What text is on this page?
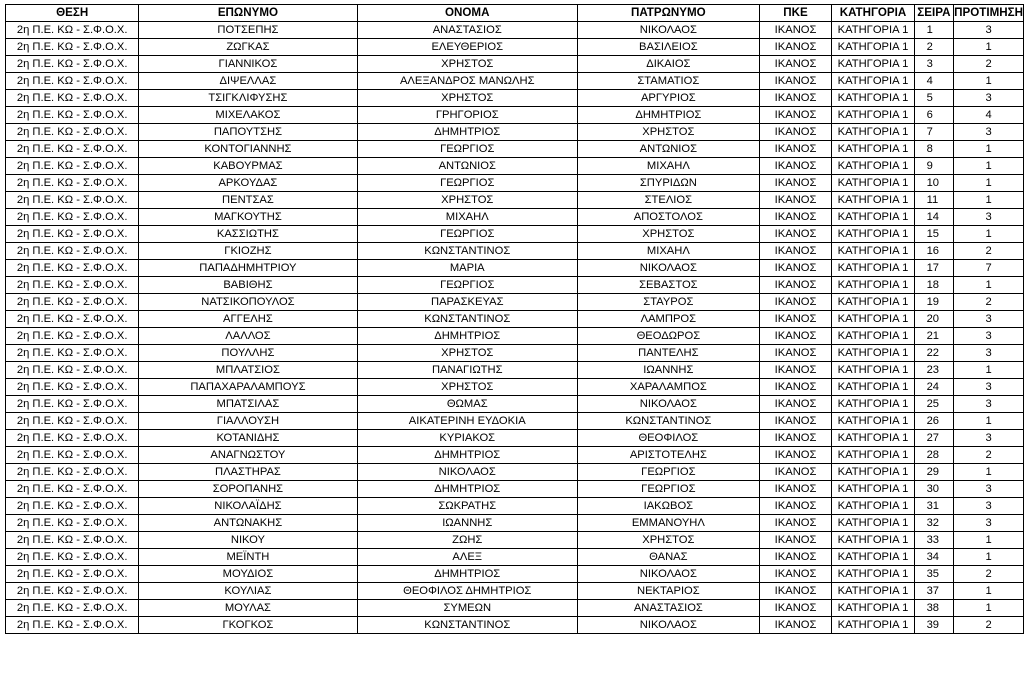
ΘΕΣΗ	ΕΠΩΝΥΜΟ	ΟΝΟΜΑ	ΠΑΤΡΩΝΥΜΟ	ΠΚΕ	ΚΑΤΗΓΟΡΙΑ	ΣΕΙΡΑ	ΠΡΟΤΙΜΗΣΗ
2η Π.Ε. ΚΩ - Σ.Φ.Ο.Χ.	ΠΟΤΣΕΠΗΣ	ΑΝΑΣΤΑΣΙΟΣ	ΝΙΚΟΛΑΟΣ	ΙΚΑΝΟΣ	ΚΑΤΗΓΟΡΙΑ 1	1	3
2η Π.Ε. ΚΩ - Σ.Φ.Ο.Χ.	ΖΩΓΚΑΣ	ΕΛΕΥΘΕΡΙΟΣ	ΒΑΣΙΛΕΙΟΣ	ΙΚΑΝΟΣ	ΚΑΤΗΓΟΡΙΑ 1	2	1
2η Π.Ε. ΚΩ - Σ.Φ.Ο.Χ.	ΓΙΑΝΝΙΚΟΣ	ΧΡΗΣΤΟΣ	ΔΙΚΑΙΟΣ	ΙΚΑΝΟΣ	ΚΑΤΗΓΟΡΙΑ 1	3	2
2η Π.Ε. ΚΩ - Σ.Φ.Ο.Χ.	ΔΙΨΕΛΛΑΣ	ΑΛΕΞΑΝΔΡΟΣ ΜΑΝΩΛΗΣ	ΣΤΑΜΑΤΙΟΣ	ΙΚΑΝΟΣ	ΚΑΤΗΓΟΡΙΑ 1	4	1
2η Π.Ε. ΚΩ - Σ.Φ.Ο.Χ.	ΤΣΙΓΚΛΙΦΥΣΗΣ	ΧΡΗΣΤΟΣ	ΑΡΓΥΡΙΟΣ	ΙΚΑΝΟΣ	ΚΑΤΗΓΟΡΙΑ 1	5	3
2η Π.Ε. ΚΩ - Σ.Φ.Ο.Χ.	ΜΙΧΕΛΑΚΟΣ	ΓΡΗΓΟΡΙΟΣ	ΔΗΜΗΤΡΙΟΣ	ΙΚΑΝΟΣ	ΚΑΤΗΓΟΡΙΑ 1	6	4
2η Π.Ε. ΚΩ - Σ.Φ.Ο.Χ.	ΠΑΠΟΥΤΣΗΣ	ΔΗΜΗΤΡΙΟΣ	ΧΡΗΣΤΟΣ	ΙΚΑΝΟΣ	ΚΑΤΗΓΟΡΙΑ 1	7	3
2η Π.Ε. ΚΩ - Σ.Φ.Ο.Χ.	ΚΟΝΤΟΓΙΑΝΝΗΣ	ΓΕΩΡΓΙΟΣ	ΑΝΤΩΝΙΟΣ	ΙΚΑΝΟΣ	ΚΑΤΗΓΟΡΙΑ 1	8	1
2η Π.Ε. ΚΩ - Σ.Φ.Ο.Χ.	ΚΑΒΟΥΡΜΑΣ	ΑΝΤΩΝΙΟΣ	ΜΙΧΑΗΛ	ΙΚΑΝΟΣ	ΚΑΤΗΓΟΡΙΑ 1	9	1
2η Π.Ε. ΚΩ - Σ.Φ.Ο.Χ.	ΑΡΚΟΥΔΑΣ	ΓΕΩΡΓΙΟΣ	ΣΠΥΡΙΔΩΝ	ΙΚΑΝΟΣ	ΚΑΤΗΓΟΡΙΑ 1	10	1
2η Π.Ε. ΚΩ - Σ.Φ.Ο.Χ.	ΠΕΝΤΣΑΣ	ΧΡΗΣΤΟΣ	ΣΤΕΛΙΟΣ	ΙΚΑΝΟΣ	ΚΑΤΗΓΟΡΙΑ 1	11	1
2η Π.Ε. ΚΩ - Σ.Φ.Ο.Χ.	ΜΑΓΚΟΥΤΗΣ	ΜΙΧΑΗΛ	ΑΠΟΣΤΟΛΟΣ	ΙΚΑΝΟΣ	ΚΑΤΗΓΟΡΙΑ 1	14	3
2η Π.Ε. ΚΩ - Σ.Φ.Ο.Χ.	ΚΑΣΣΙΩΤΗΣ	ΓΕΩΡΓΙΟΣ	ΧΡΗΣΤΟΣ	ΙΚΑΝΟΣ	ΚΑΤΗΓΟΡΙΑ 1	15	1
2η Π.Ε. ΚΩ - Σ.Φ.Ο.Χ.	ΓΚΙΟΖΗΣ	ΚΩΝΣΤΑΝΤΙΝΟΣ	ΜΙΧΑΗΛ	ΙΚΑΝΟΣ	ΚΑΤΗΓΟΡΙΑ 1	16	2
2η Π.Ε. ΚΩ - Σ.Φ.Ο.Χ.	ΠΑΠΑΔΗΜΗΤΡΙΟΥ	ΜΑΡΙΑ	ΝΙΚΟΛΑΟΣ	ΙΚΑΝΟΣ	ΚΑΤΗΓΟΡΙΑ 1	17	7
2η Π.Ε. ΚΩ - Σ.Φ.Ο.Χ.	ΒΑΒΙΘΗΣ	ΓΕΩΡΓΙΟΣ	ΣΕΒΑΣΤΟΣ	ΙΚΑΝΟΣ	ΚΑΤΗΓΟΡΙΑ 1	18	1
2η Π.Ε. ΚΩ - Σ.Φ.Ο.Χ.	ΝΑΤΣΙΚΟΠΟΥΛΟΣ	ΠΑΡΑΣΚΕΥΑΣ	ΣΤΑΥΡΟΣ	ΙΚΑΝΟΣ	ΚΑΤΗΓΟΡΙΑ 1	19	2
2η Π.Ε. ΚΩ - Σ.Φ.Ο.Χ.	ΑΓΓΕΛΗΣ	ΚΩΝΣΤΑΝΤΙΝΟΣ	ΛΑΜΠΡΟΣ	ΙΚΑΝΟΣ	ΚΑΤΗΓΟΡΙΑ 1	20	3
2η Π.Ε. ΚΩ - Σ.Φ.Ο.Χ.	ΛΑΛΛΟΣ	ΔΗΜΗΤΡΙΟΣ	ΘΕΟΔΩΡΟΣ	ΙΚΑΝΟΣ	ΚΑΤΗΓΟΡΙΑ 1	21	3
2η Π.Ε. ΚΩ - Σ.Φ.Ο.Χ.	ΠΟΥΛΛΗΣ	ΧΡΗΣΤΟΣ	ΠΑΝΤΕΛΗΣ	ΙΚΑΝΟΣ	ΚΑΤΗΓΟΡΙΑ 1	22	3
2η Π.Ε. ΚΩ - Σ.Φ.Ο.Χ.	ΜΠΛΑΤΣΙΟΣ	ΠΑΝΑΓΙΩΤΗΣ	ΙΩΑΝΝΗΣ	ΙΚΑΝΟΣ	ΚΑΤΗΓΟΡΙΑ 1	23	1
2η Π.Ε. ΚΩ - Σ.Φ.Ο.Χ.	ΠΑΠΑΧΑΡΑΛΑΜΠΟΥΣ	ΧΡΗΣΤΟΣ	ΧΑΡΑΛΑΜΠΟΣ	ΙΚΑΝΟΣ	ΚΑΤΗΓΟΡΙΑ 1	24	3
2η Π.Ε. ΚΩ - Σ.Φ.Ο.Χ.	ΜΠΑΤΣΙΛΑΣ	ΘΩΜΑΣ	ΝΙΚΟΛΑΟΣ	ΙΚΑΝΟΣ	ΚΑΤΗΓΟΡΙΑ 1	25	3
2η Π.Ε. ΚΩ - Σ.Φ.Ο.Χ.	ΓΙΑΛΛΟΥΣΗ	ΑΙΚΑΤΕΡΙΝΗ ΕΥΔΟΚΙΑ	ΚΩΝΣΤΑΝΤΙΝΟΣ	ΙΚΑΝΟΣ	ΚΑΤΗΓΟΡΙΑ 1	26	1
2η Π.Ε. ΚΩ - Σ.Φ.Ο.Χ.	ΚΟΤΑΝΙΔΗΣ	ΚΥΡΙΑΚΟΣ	ΘΕΟΦΙΛΟΣ	ΙΚΑΝΟΣ	ΚΑΤΗΓΟΡΙΑ 1	27	3
2η Π.Ε. ΚΩ - Σ.Φ.Ο.Χ.	ΑΝΑΓΝΩΣΤΟΥ	ΔΗΜΗΤΡΙΟΣ	ΑΡΙΣΤΟΤΕΛΗΣ	ΙΚΑΝΟΣ	ΚΑΤΗΓΟΡΙΑ 1	28	2
2η Π.Ε. ΚΩ - Σ.Φ.Ο.Χ.	ΠΛΑΣΤΗΡΑΣ	ΝΙΚΟΛΑΟΣ	ΓΕΩΡΓΙΟΣ	ΙΚΑΝΟΣ	ΚΑΤΗΓΟΡΙΑ 1	29	1
2η Π.Ε. ΚΩ - Σ.Φ.Ο.Χ.	ΣΟΡΟΠΑΝΗΣ	ΔΗΜΗΤΡΙΟΣ	ΓΕΩΡΓΙΟΣ	ΙΚΑΝΟΣ	ΚΑΤΗΓΟΡΙΑ 1	30	3
2η Π.Ε. ΚΩ - Σ.Φ.Ο.Χ.	ΝΙΚΟΛΑΪΔΗΣ	ΣΩΚΡΑΤΗΣ	ΙΑΚΩΒΟΣ	ΙΚΑΝΟΣ	ΚΑΤΗΓΟΡΙΑ 1	31	3
2η Π.Ε. ΚΩ - Σ.Φ.Ο.Χ.	ΑΝΤΩΝΑΚΗΣ	ΙΩΑΝΝΗΣ	ΕΜΜΑΝΟΥΗΛ	ΙΚΑΝΟΣ	ΚΑΤΗΓΟΡΙΑ 1	32	3
2η Π.Ε. ΚΩ - Σ.Φ.Ο.Χ.	ΝΙΚΟΥ	ΖΩΗΣ	ΧΡΗΣΤΟΣ	ΙΚΑΝΟΣ	ΚΑΤΗΓΟΡΙΑ 1	33	1
2η Π.Ε. ΚΩ - Σ.Φ.Ο.Χ.	ΜΕΪΝΤΗ	ΑΛΕΞ	ΘΑΝΑΣ	ΙΚΑΝΟΣ	ΚΑΤΗΓΟΡΙΑ 1	34	1
2η Π.Ε. ΚΩ - Σ.Φ.Ο.Χ.	ΜΟΥΔΙΟΣ	ΔΗΜΗΤΡΙΟΣ	ΝΙΚΟΛΑΟΣ	ΙΚΑΝΟΣ	ΚΑΤΗΓΟΡΙΑ 1	35	2
2η Π.Ε. ΚΩ - Σ.Φ.Ο.Χ.	ΚΟΥΛΙΑΣ	ΘΕΟΦΙΛΟΣ ΔΗΜΗΤΡΙΟΣ	ΝΕΚΤΑΡΙΟΣ	ΙΚΑΝΟΣ	ΚΑΤΗΓΟΡΙΑ 1	37	1
2η Π.Ε. ΚΩ - Σ.Φ.Ο.Χ.	ΜΟΥΛΑΣ	ΣΥΜΕΩΝ	ΑΝΑΣΤΑΣΙΟΣ	ΙΚΑΝΟΣ	ΚΑΤΗΓΟΡΙΑ 1	38	1
2η Π.Ε. ΚΩ - Σ.Φ.Ο.Χ.	ΓΚΟΓΚΟΣ	ΚΩΝΣΤΑΝΤΙΝΟΣ	ΝΙΚΟΛΑΟΣ	ΙΚΑΝΟΣ	ΚΑΤΗΓΟΡΙΑ 1	39	2
